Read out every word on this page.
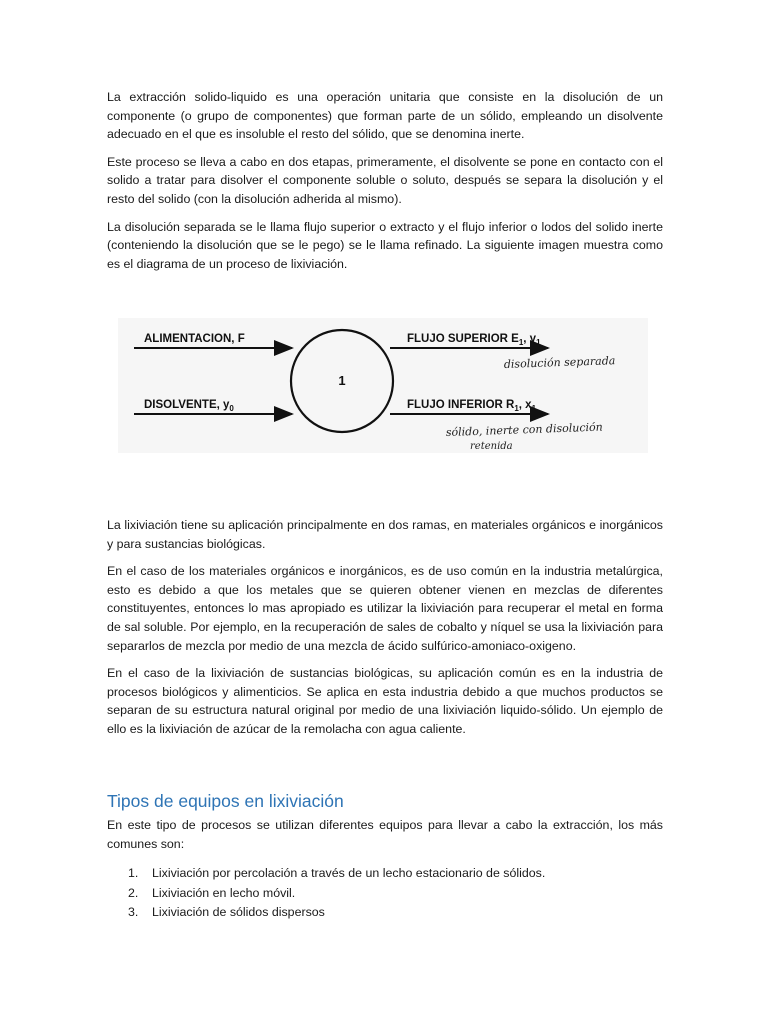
La extracción solido-liquido es una operación unitaria que consiste en la disolución de un componente (o grupo de componentes) que forman parte de un sólido, empleando un disolvente adecuado en el que es insoluble el resto del sólido, que se denomina inerte.

Este proceso se lleva a cabo en dos etapas, primeramente, el disolvente se pone en contacto con el solido a tratar para disolver el componente soluble o soluto, después se separa la disolución y el resto del solido (con la disolución adherida al mismo).

La disolución separada se le llama flujo superior o extracto y el flujo inferior o lodos del solido inerte (conteniendo la disolución que se le pego) se le llama refinado. La siguiente imagen muestra como es el diagrama de un proceso de lixiviación.

ALIMENTACION, F
DISOLVENTE, $y_0$
1
FLUJO SUPERIOR $E_1$, $y_1$
FLUJO INFERIOR $R_1$, $x_1$
disolución separada
sólido, inerte con disolución
retenida

La lixiviación tiene su aplicación principalmente en dos ramas, en materiales orgánicos e inorgánicos y para sustancias biológicas.

En el caso de los materiales orgánicos e inorgánicos, es de uso común en la industria metalúrgica, esto es debido a que los metales que se quieren obtener vienen en mezclas de diferentes constituyentes, entonces lo mas apropiado es utilizar la lixiviación para recuperar el metal en forma de sal soluble. Por ejemplo, en la recuperación de sales de cobalto y níquel se usa la lixiviación para separarlos de mezcla por medio de una mezcla de ácido sulfúrico-amoniaco-oxigeno.

En el caso de la lixiviación de sustancias biológicas, su aplicación común es en la industria de procesos biológicos y alimenticios. Se aplica en esta industria debido a que muchos productos se separan de su estructura natural original por medio de una lixiviación liquido-sólido. Un ejemplo de ello es la lixiviación de azúcar de la remolacha con agua caliente.

Tipos de equipos en lixiviación

En este tipo de procesos se utilizan diferentes equipos para llevar a cabo la extracción, los más comunes son:

1.	Lixiviación por percolación a través de un lecho estacionario de sólidos.
2.	Lixiviación en lecho móvil.
3.	Lixiviación de sólidos dispersos
